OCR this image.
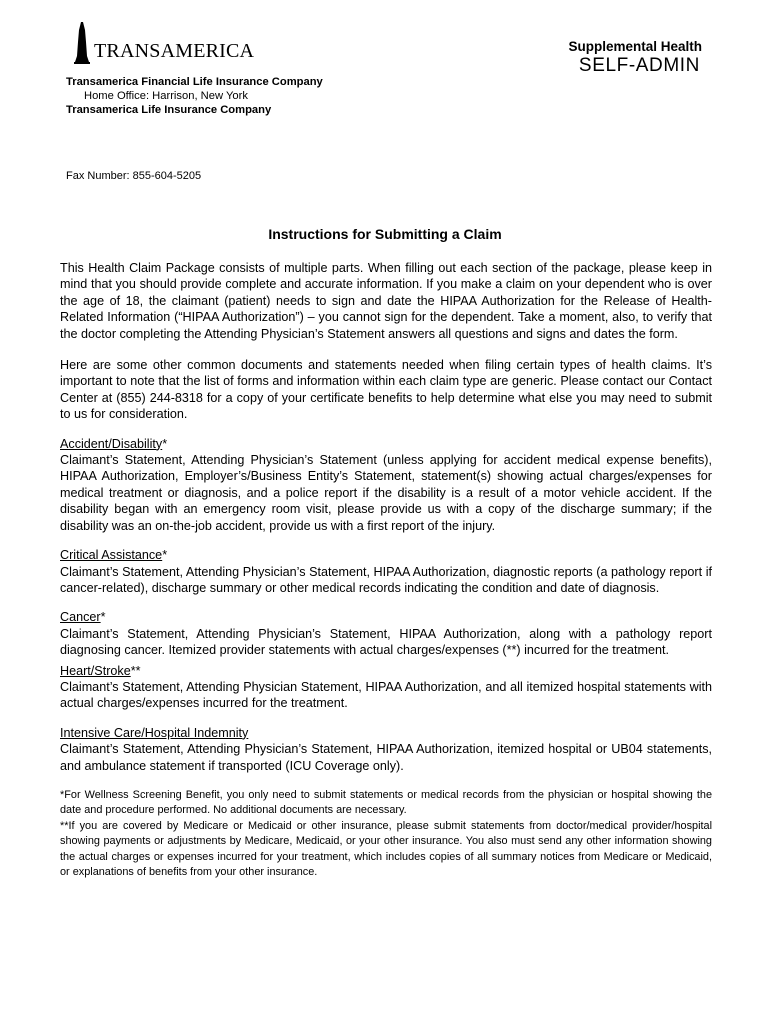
TRANSAMERICA	Supplemental Health
SELF-ADMIN
Transamerica Financial Life Insurance Company
Home Office: Harrison, New York
Transamerica Life Insurance Company
Fax Number: 855-604-5205
Instructions for Submitting a Claim

This Health Claim Package consists of multiple parts. When filling out each section of the package, please keep in mind that you should provide complete and accurate information. If you make a claim on your dependent who is over the age of 18, the claimant (patient) needs to sign and date the HIPAA Authorization for the Release of Health-Related Information (“HIPAA Authorization”) – you cannot sign for the dependent. Take a moment, also, to verify that the doctor completing the Attending Physician’s Statement answers all questions and signs and dates the form.

Here are some other common documents and statements needed when filing certain types of health claims. It’s important to note that the list of forms and information within each claim type are generic. Please contact our Contact Center at (855) 244-8318 for a copy of your certificate benefits to help determine what else you may need to submit to us for consideration.

Accident/Disability*

Claimant’s Statement, Attending Physician’s Statement (unless applying for accident medical expense benefits), HIPAA Authorization, Employer’s/Business Entity’s Statement, statement(s) showing actual charges/expenses for medical treatment or diagnosis, and a police report if the disability is a result of a motor vehicle accident. If the disability began with an emergency room visit, please provide us with a copy of the discharge summary; if the disability was an on-the-job accident, provide us with a first report of the injury.

Critical Assistance*

Claimant’s Statement, Attending Physician’s Statement, HIPAA Authorization, diagnostic reports (a pathology report if cancer-related), discharge summary or other medical records indicating the condition and date of diagnosis.

Cancer*

Claimant’s Statement, Attending Physician’s Statement, HIPAA Authorization, along with a pathology report diagnosing cancer. Itemized provider statements with actual charges/expenses (**) incurred for the treatment.

Heart/Stroke**

Claimant’s Statement, Attending Physician Statement, HIPAA Authorization, and all itemized hospital statements with actual charges/expenses incurred for the treatment.

Intensive Care/Hospital Indemnity

Claimant’s Statement, Attending Physician’s Statement, HIPAA Authorization, itemized hospital or UB04 statements, and ambulance statement if transported (ICU Coverage only).

*For Wellness Screening Benefit, you only need to submit statements or medical records from the physician or hospital showing the date and procedure performed. No additional documents are necessary.

**If you are covered by Medicare or Medicaid or other insurance, please submit statements from doctor/medical provider/hospital showing payments or adjustments by Medicare, Medicaid, or your other insurance. You also must send any other information showing the actual charges or expenses incurred for your treatment, which includes copies of all summary notices from Medicare or Medicaid, or explanations of benefits from your other insurance.
